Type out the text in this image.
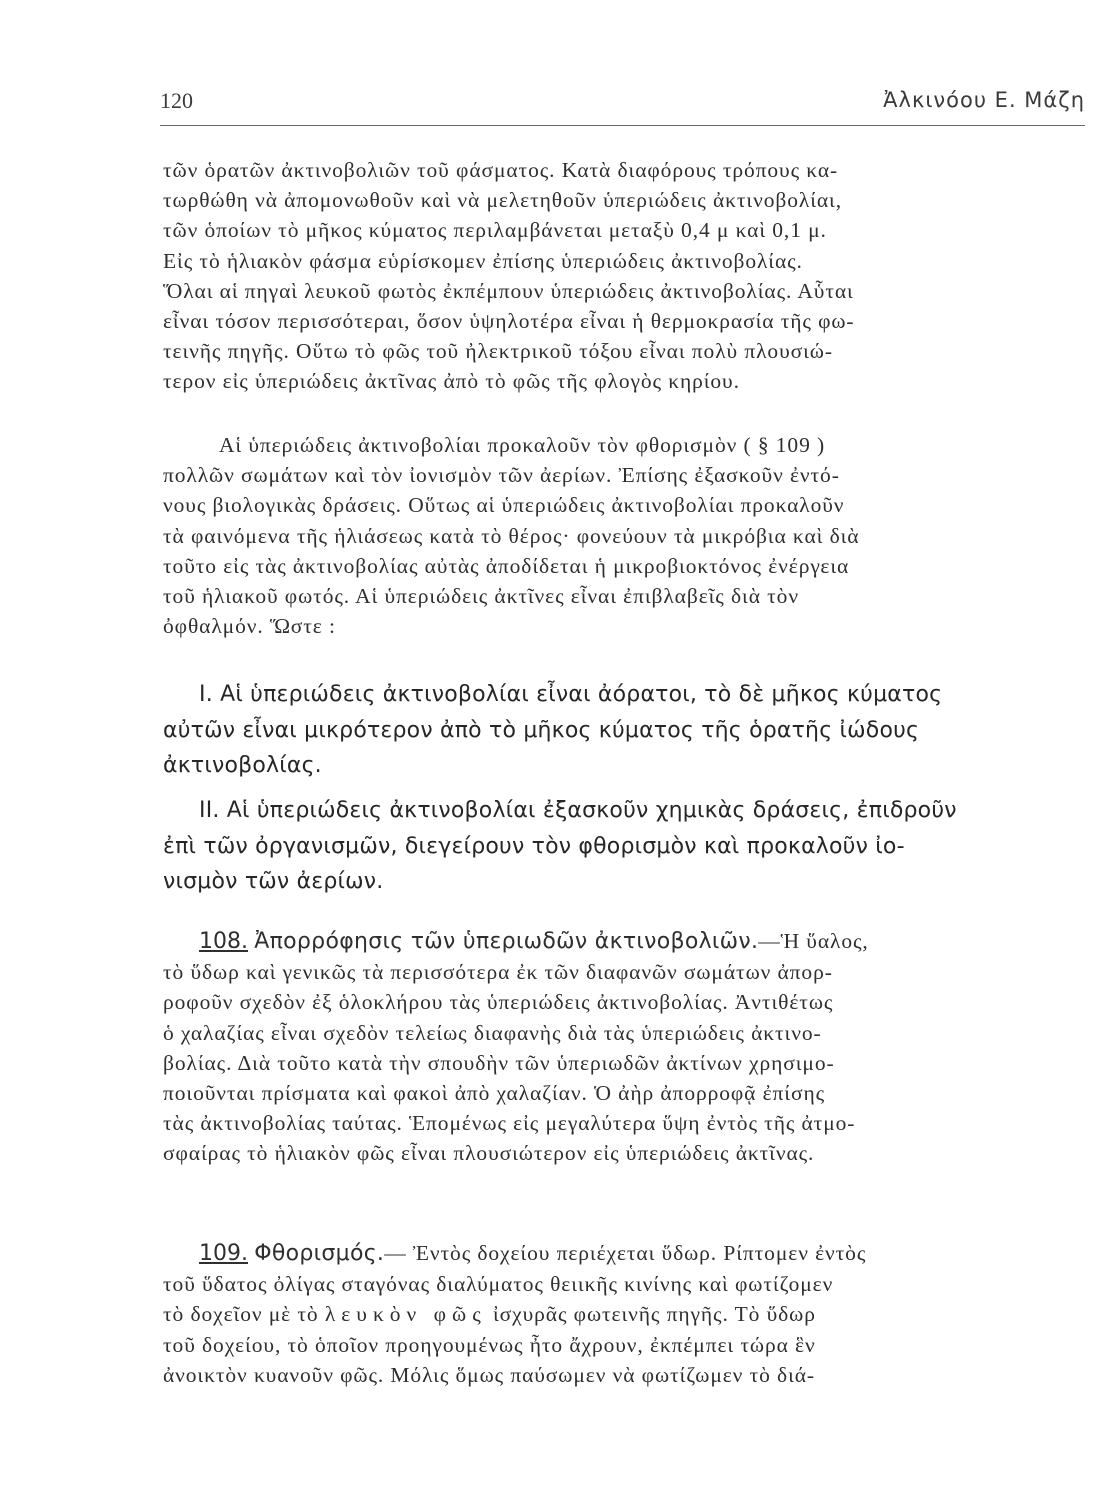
120	Ἀλκινόου Ε. Μάζη
τῶν ὁρατῶν ἀκτινοβολιῶν τοῦ φάσματος. Κατὰ διαφόρους τρόπους κα-
τωρθώθη νὰ ἀπομονωθοῦν καὶ νὰ μελετηθοῦν ὑπεριώδεις ἀκτινοβολίαι,
τῶν ὁποίων τὸ μῆκος κύματος περιλαμβάνεται μεταξὺ 0,4 μ καὶ 0,1 μ.
Εἰς τὸ ἡλιακὸν φάσμα εὑρίσκομεν ἐπίσης ὑπεριώδεις ἀκτινοβολίας.
Ὅλαι αἱ πηγαὶ λευκοῦ φωτὸς ἐκπέμπουν ὑπεριώδεις ἀκτινοβολίας. Αὗται
εἶναι τόσον περισσότεραι, ὅσον ὑψηλοτέρα εἶναι ἡ θερμοκρασία τῆς φω-
τεινῆς πηγῆς. Οὕτω τὸ φῶς τοῦ ἠλεκτρικοῦ τόξου εἶναι πολὺ πλουσιώ-
τερον εἰς ὑπεριώδεις ἀκτῖνας ἀπὸ τὸ φῶς τῆς φλογὸς κηρίου.
Αἱ ὑπεριώδεις ἀκτινοβολίαι προκαλοῦν τὸν φθορισμὸν ( § 109 )
πολλῶν σωμάτων καὶ τὸν ἰονισμὸν τῶν ἀερίων. Ἐπίσης ἐξασκοῦν ἐντό-
νους βιολογικὰς δράσεις. Οὕτως αἱ ὑπεριώδεις ἀκτινοβολίαι προκαλοῦν
τὰ φαινόμενα τῆς ἡλιάσεως κατὰ τὸ θέρος· φονεύουν τὰ μικρόβια καὶ διὰ
τοῦτο εἰς τὰς ἀκτινοβολίας αὐτὰς ἀποδίδεται ἡ μικροβιοκτόνος ἐνέργεια
τοῦ ἡλιακοῦ φωτός. Αἱ ὑπεριώδεις ἀκτῖνες εἶναι ἐπιβλαβεῖς διὰ τὸν
ὀφθαλμόν. Ὥστε :
I. Αἱ ὑπεριώδεις ἀκτινοβολίαι εἶναι ἀόρατοι, τὸ δὲ μῆκος κύματος
αὐτῶν εἶναι μικρότερον ἀπὸ τὸ μῆκος κύματος τῆς ὁρατῆς ἰώδους
ἀκτινοβολίας.
II. Αἱ ὑπεριώδεις ἀκτινοβολίαι ἐξασκοῦν χημικὰς δράσεις, ἐπιδροῦν
ἐπὶ τῶν ὀργανισμῶν, διεγείρουν τὸν φθορισμὸν καὶ προκαλοῦν ἰο-
νισμὸν τῶν ἀερίων.
108. Ἀπορρόφησις τῶν ὑπεριωδῶν ἀκτινοβολιῶν.—Ἡ ὕαλος,
τὸ ὕδωρ καὶ γενικῶς τὰ περισσότερα ἐκ τῶν διαφανῶν σωμάτων ἀπορ-
ροφοῦν σχεδὸν ἐξ ὁλοκλήρου τὰς ὑπεριώδεις ἀκτινοβολίας. Ἀντιθέτως
ὁ χαλαζίας εἶναι σχεδὸν τελείως διαφανὴς διὰ τὰς ὑπεριώδεις ἀκτινο-
βολίας. Διὰ τοῦτο κατὰ τὴν σπουδὴν τῶν ὑπεριωδῶν ἀκτίνων χρησιμο-
ποιοῦνται πρίσματα καὶ φακοὶ ἀπὸ χαλαζίαν. Ὁ ἀὴρ ἀπορροφᾷ ἐπίσης
τὰς ἀκτινοβολίας ταύτας. Ἑπομένως εἰς μεγαλύτερα ὕψη ἐντὸς τῆς ἀτμο-
σφαίρας τὸ ἡλιακὸν φῶς εἶναι πλουσιώτερον εἰς ὑπεριώδεις ἀκτῖνας.
109. Φθορισμός.— Ἐντὸς δοχείου περιέχεται ὕδωρ. Ρίπτομεν ἐντὸς
τοῦ ὕδατος ὀλίγας σταγόνας διαλύματος θειικῆς κινίνης καὶ φωτίζομεν
τὸ δοχεῖον μὲ τὸ λευκὸν φῶς ἰσχυρᾶς φωτεινῆς πηγῆς. Τὸ ὕδωρ
τοῦ δοχείου, τὸ ὁποῖον προηγουμένως ἦτο ἄχρουν, ἐκπέμπει τώρα ἓν
ἀνοικτὸν κυανοῦν φῶς. Μόλις ὅμως παύσωμεν νὰ φωτίζωμεν τὸ διά-
